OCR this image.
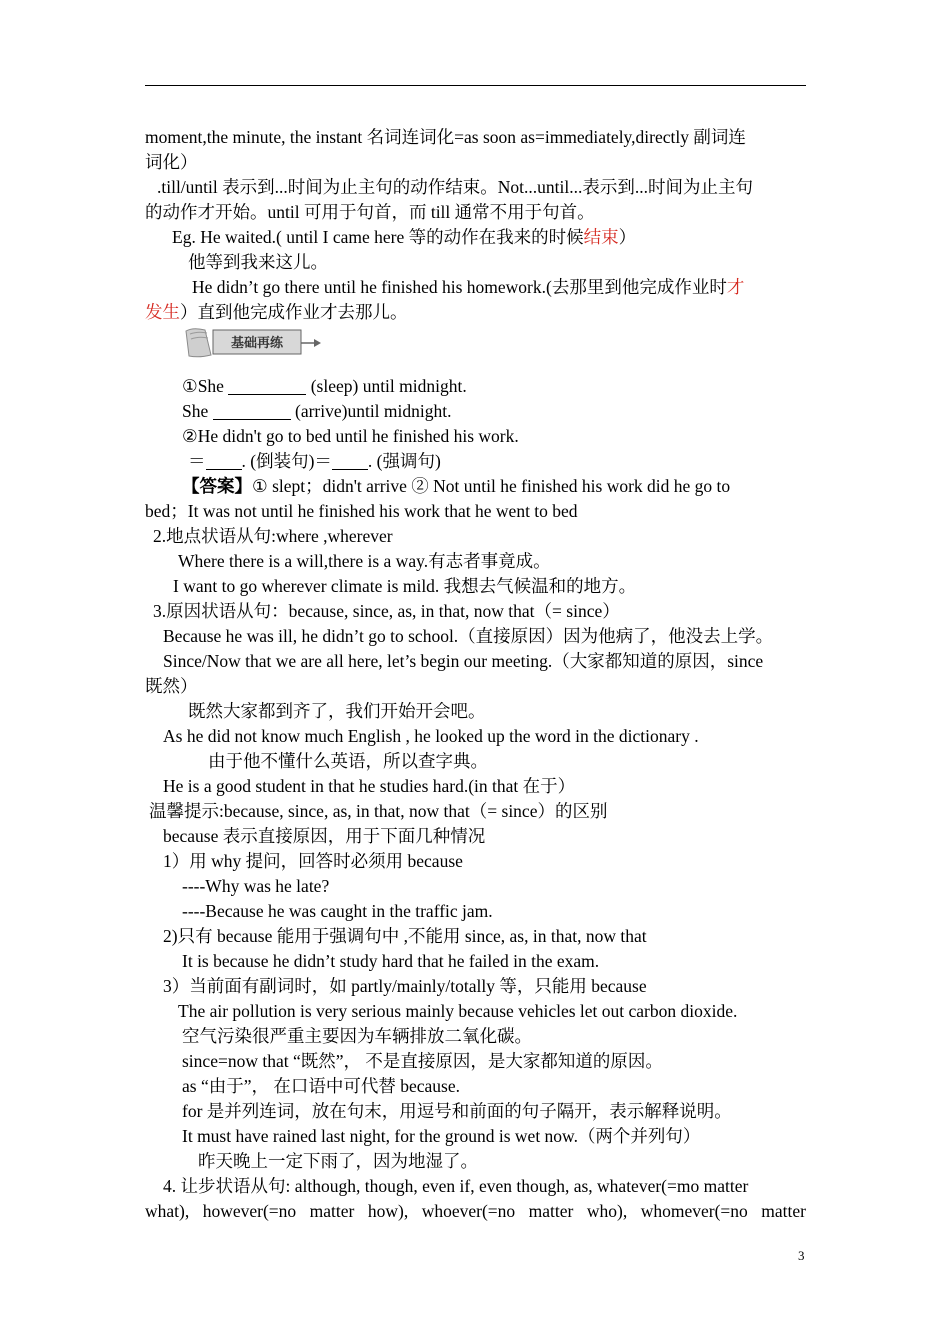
moment,the minute, the instant 名词连词化=as soon as=immediately,directly 副词连
词化）
.till/until 表示到...时间为止主句的动作结束。Not...until...表示到...时间为止主句
的动作才开始。until 可用于句首，而 till 通常不用于句首。
Eg. He waited.( until I came here 等的动作在我来的时候结束）
他等到我来这儿。
He didn’t go there until he finished his homework.(去那里到他完成作业时才
发生）直到他完成作业才去那儿。
基础再练
①She	(sleep) until midnight.
She	(arrive)until midnight.
②He didn't go to bed until he finished his work.
＝ . (倒装句)＝ . (强调句)
【答案】① slept；didn't arrive ② Not until he finished his work did he go to
bed；It was not until he finished his work that he went to bed
2.地点状语从句:where ,wherever
Where there is a will,there is a way.有志者事竟成。
I want to go wherever climate is mild. 我想去气候温和的地方。
3.原因状语从句：because, since, as, in that, now that（= since）
Because he was ill, he didn’t go to school.（直接原因）因为他病了，他没去上学。
Since/Now that we are all here, let’s begin our meeting.（大家都知道的原因，since
既然）
既然大家都到齐了，我们开始开会吧。
As he did not know much English , he looked up the word in the dictionary .
由于他不懂什么英语，所以查字典。
He is a good student in that he studies hard.(in that 在于）
温馨提示:because, since, as, in that, now that（= since）的区别
because 表示直接原因，用于下面几种情况
1）用 why 提问，回答时必须用 because
----Why was he late?
----Because he was caught in the traffic jam.
2)只有 because 能用于强调句中 ,不能用 since, as, in that, now that
It is because he didn’t study hard that he failed in the exam.
3）当前面有副词时，如 partly/mainly/totally 等，只能用 because
The air pollution is very serious mainly because vehicles let out carbon dioxide.
空气污染很严重主要因为车辆排放二氧化碳。
since=now that “既然”， 不是直接原因，是大家都知道的原因。
as “由于”， 在口语中可代替 because.
for 是并列连词，放在句末，用逗号和前面的句子隔开，表示解释说明。
It must have rained last night, for the ground is wet now.（两个并列句）
昨天晚上一定下雨了，因为地湿了。
4. 让步状语从句: although, though, even if, even though, as, whatever(=mo matter
what), however(=no matter how), whoever(=no matter who), whomever(=no matter
3
